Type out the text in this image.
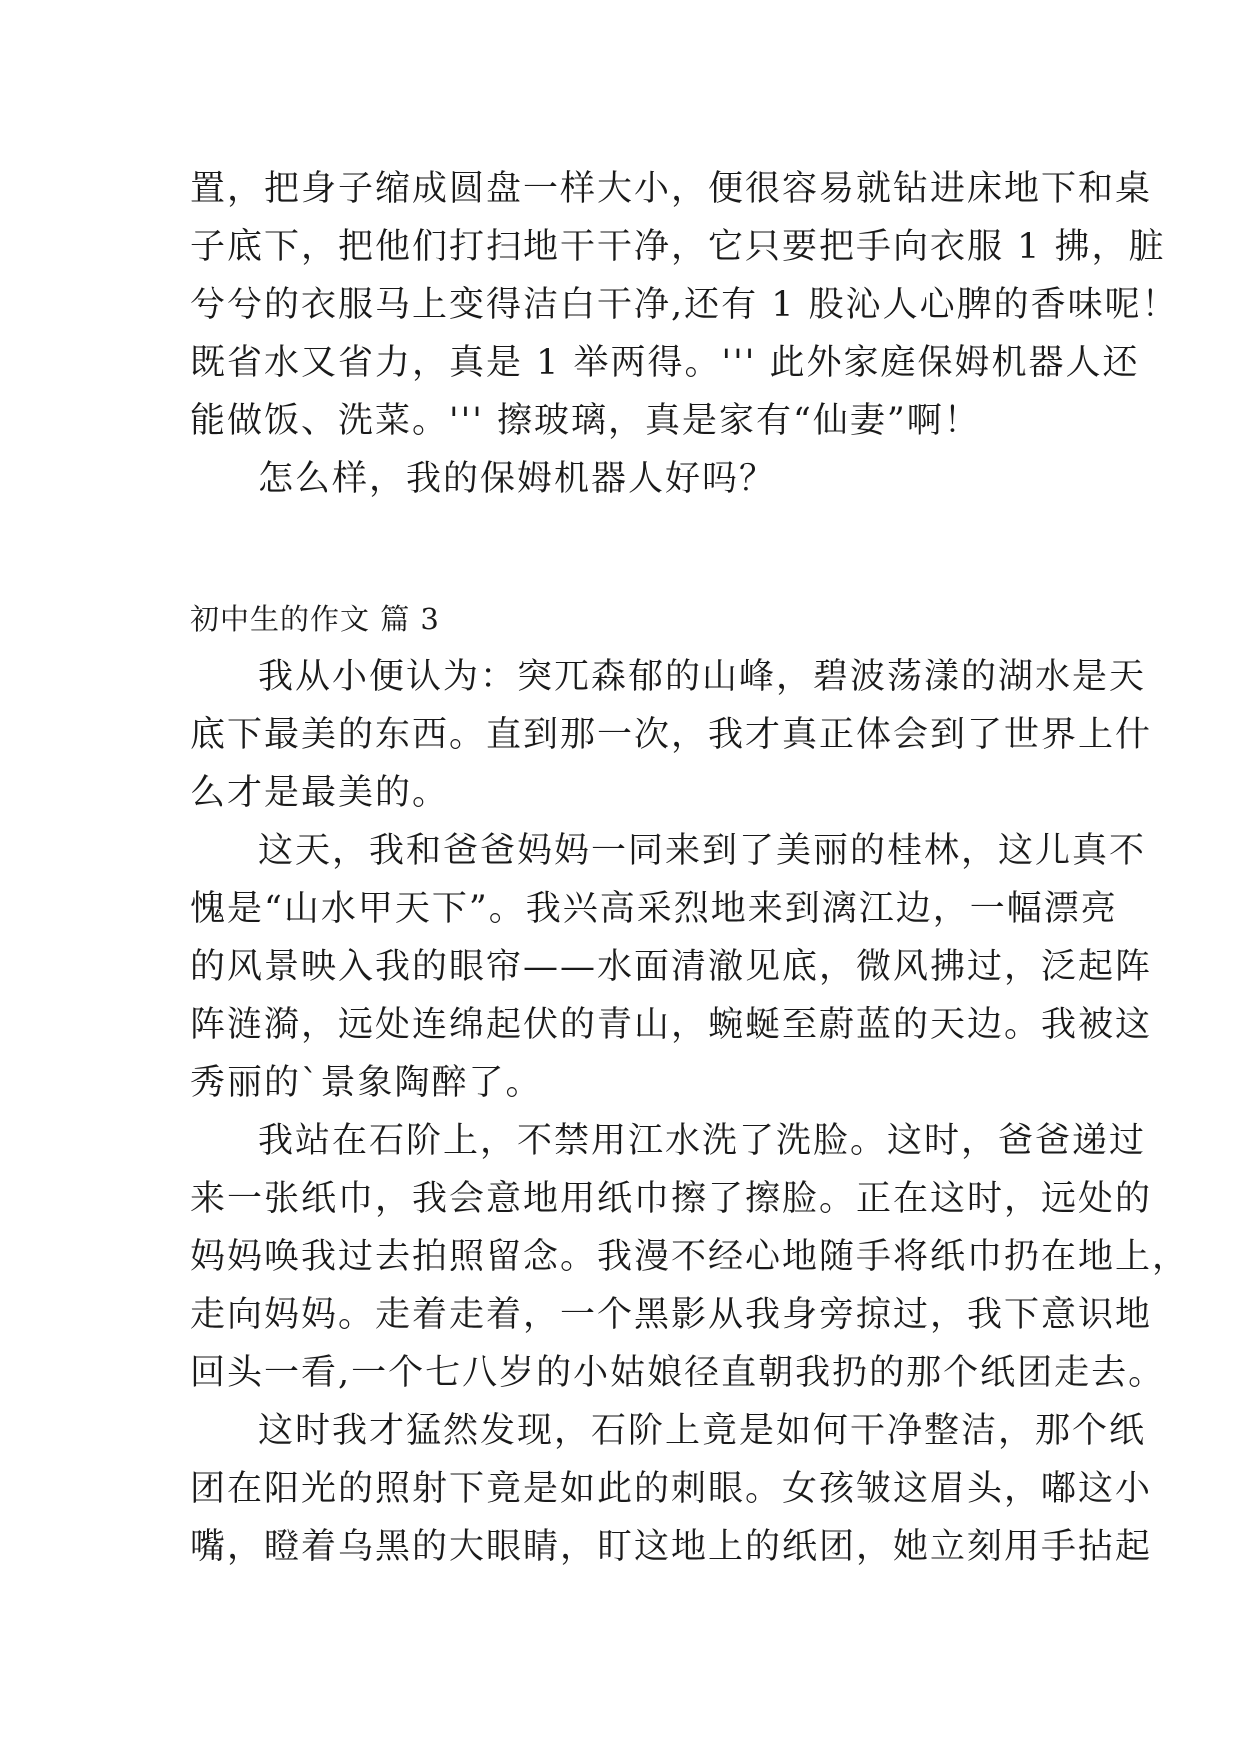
置，把身子缩成圆盘一样大小，便很容易就钻进床地下和桌
子底下，把他们打扫地干干净，它只要把手向衣服 1 拂，脏
兮兮的衣服马上变得洁白干净,还有 1 股沁人心脾的香味呢！
既省水又省力，真是 1 举两得。''' 此外家庭保姆机器人还
能做饭、洗菜。''' 擦玻璃，真是家有“仙妻”啊！
怎么样，我的保姆机器人好吗？
初中生的作文 篇 3
我从小便认为：突兀森郁的山峰，碧波荡漾的湖水是天
底下最美的东西。直到那一次，我才真正体会到了世界上什
么才是最美的。
这天，我和爸爸妈妈一同来到了美丽的桂林，这儿真不
愧是“山水甲天下”。我兴高采烈地来到漓江边，一幅漂亮
的风景映入我的眼帘——水面清澈见底，微风拂过，泛起阵
阵涟漪，远处连绵起伏的青山，蜿蜒至蔚蓝的天边。我被这
秀丽的`景象陶醉了。
我站在石阶上，不禁用江水洗了洗脸。这时，爸爸递过
来一张纸巾，我会意地用纸巾擦了擦脸。正在这时，远处的
妈妈唤我过去拍照留念。我漫不经心地随手将纸巾扔在地上，
走向妈妈。走着走着，一个黑影从我身旁掠过，我下意识地
回头一看,一个七八岁的小姑娘径直朝我扔的那个纸团走去。
这时我才猛然发现，石阶上竟是如何干净整洁，那个纸
团在阳光的照射下竟是如此的刺眼。女孩皱这眉头，嘟这小
嘴，瞪着乌黑的大眼睛，盯这地上的纸团，她立刻用手拈起
